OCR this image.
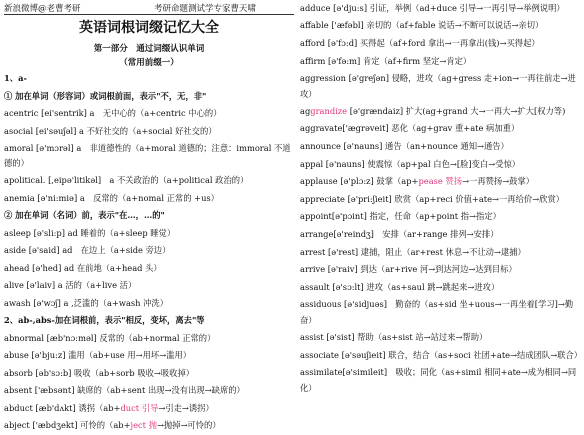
新浪微博@老曹考研	考研命题测试学专家曹天啸
英语词根词缀记忆大全
第一部分　通过词缀认识单词
（常用前缀一）
1、a-
① 加在单词（形容词）或词根前面，表示"不，无，非"
acentric [ei'sentrik] a　无中心的（a+centric 中心的）
asocial [ei'səuʃəl] a 不好社交的（a+social 好社交的）
amoral [ə'mɔrəl] a　非道德性的（a+moral 道德的；注意：immoral 不道德的）
apolitical. [,eipə'litikəl]　a 不关政治的（a+political 政治的）
anemia [ə'ni:miə] a　反常的（a+nomal 正常的 +us）
② 加在单词（名词）前，表示"在…，…的"
asleep [ə'sli:p] ad 睡着的（a+sleep 睡觉）
aside [ə'said] ad　在边上（a+side 旁边）
ahead [ə'hed] ad 在前地（a+head 头）
alive [ə'laiv] a 活的（a+live 活）
awash [ə'wɔʃ] a ,泛滥的（a+wash 冲洗）
2、ab-,abs-加在词根前，表示"相反，变坏，离去"等
abnormal [æb'nɔ:məl] 反常的（ab+normal 正常的）
abuse [ə'bju:z] 滥用（ab+use 用→用坏→滥用）
absorb [əb'sɔ:b] 吸收（ab+sorb 吸收→吸收掉）
absent ['æbsənt] 缺席的（ab+sent 出现→没有出现→缺席的）
abduct [æb'dʌkt] 诱拐（ab+duct 引导→引走→诱拐）
abject ['æbdʒekt] 可怜的（ab+ject 抛→抛掉→可怜的）
adduce [ə'dju:s] 引证，举例（ad+duce 引导→一再引导→举例说明）
affable ['æfəbl] 亲切的（af+fable 说话→不断可以说话→亲切）
afford [ə'fɔ:d] 买得起（af+ford 拿出→一再拿出(钱)→买得起）
affirm [ə'fə:m] 肯定（af+firm 坚定→肯定）
aggression [ə'greʃən] 侵略，进攻（ag+gress 走+ion→一再往前走→进攻）
aggrandize [ə'grændaiz] 扩大(ag+grand 大→一再大→扩大[权力等)
aggravate['ægrəveit] 恶化（ag+grav 重+ate 病加重）
announce [ə'nauns] 通告（an+nounce 通知→通告）
appal [ə'nauns] 使震惊（ap+pal 白色→[脸]变白→受惊）
applause [ə'plɔ:z] 鼓掌（ap+pease 赞扬→一再赞扬→鼓掌）
appreciate [ə'pri:ʃieit] 欣赏（ap+reci 价值+ate→一再给价→欣赏）
appoint[ə'pɔint] 指定，任命（ap+point 指→指定）
arrange[ə'reindʒ]　安排（ar+range 排列→安排）
arrest [ə'rest] 逮捕，阻止（ar+rest 休息→不让动→逮捕）
arrive [ə'raiv] 到达（ar+rive 河→到达河边→达到目标）
assault [ə'sɔ:lt] 进攻（as+saul 跳→跳起来→进攻）
assiduous [ə'sidjuəs]　勤奋的（as+sid 坐+uous→一再坐着[学习]→勤奋）
assist [ə'sist] 帮助（as+sist 站→站过来→帮助）
associate [ə'səuʃieit] 联合，结合（as+soci 社团+ate→结成团队→联合）
assimilate[ə'simileit]　吸收；同化（as+simil 相同+ate→成为相同→同化）
